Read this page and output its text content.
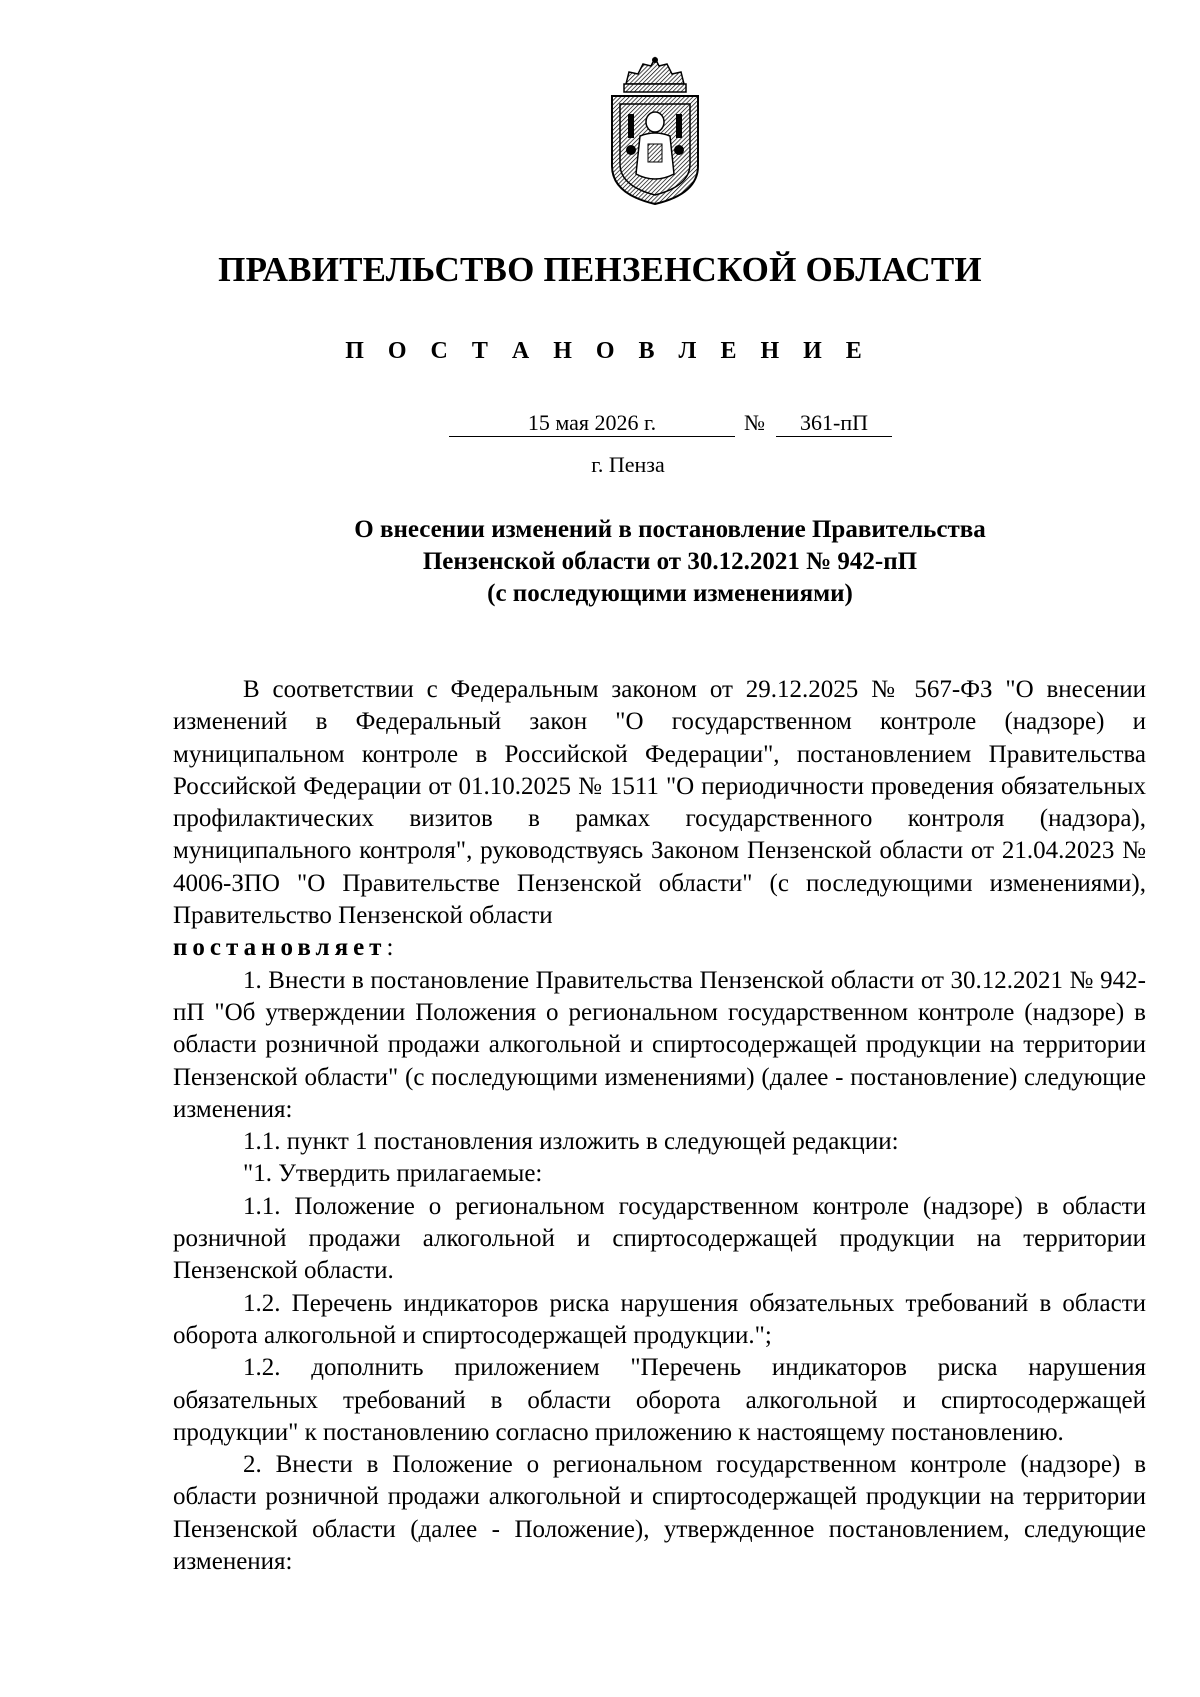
ПРАВИТЕЛЬСТВО ПЕНЗЕНСКОЙ ОБЛАСТИ
П О С Т А Н О В Л Е Н И Е
15 мая 2026 г.	№	361-пП
г. Пенза
О внесении изменений в постановление Правительства
Пензенской области от 30.12.2021 № 942-пП
(с последующими изменениями)

В соответствии с Федеральным законом от 29.12.2025 № 567-ФЗ "О внесении изменений в Федеральный закон "О государственном контроле (надзоре) и муниципальном контроле в Российской Федерации", постановлением Правительства Российской Федерации от 01.10.2025 № 1511 "О периодичности проведения обязательных профилактических визитов в рамках государственного контроля (надзора), муниципального контроля", руководствуясь Законом Пензенской области от 21.04.2023 № 4006-ЗПО "О Правительстве Пензенской области" (с последующими изменениями), Правительство Пензенской области

постановляет:

1. Внести в постановление Правительства Пензенской области от 30.12.2021 № 942-пП "Об утверждении Положения о региональном государственном контроле (надзоре) в области розничной продажи алкогольной и спиртосодержащей продукции на территории Пензенской области" (с последующими изменениями) (далее - постановление) следующие изменения:

1.1. пункт 1 постановления изложить в следующей редакции:

"1. Утвердить прилагаемые:

1.1. Положение о региональном государственном контроле (надзоре) в области розничной продажи алкогольной и спиртосодержащей продукции на территории Пензенской области.

1.2. Перечень индикаторов риска нарушения обязательных требований в области оборота алкогольной и спиртосодержащей продукции.";

1.2. дополнить приложением "Перечень индикаторов риска нарушения обязательных требований в области оборота алкогольной и спиртосодержащей продукции" к постановлению согласно приложению к настоящему постановлению.

2. Внести в Положение о региональном государственном контроле (надзоре) в области розничной продажи алкогольной и спиртосодержащей продукции на территории Пензенской области (далее - Положение), утвержденное постановлением, следующие изменения:
